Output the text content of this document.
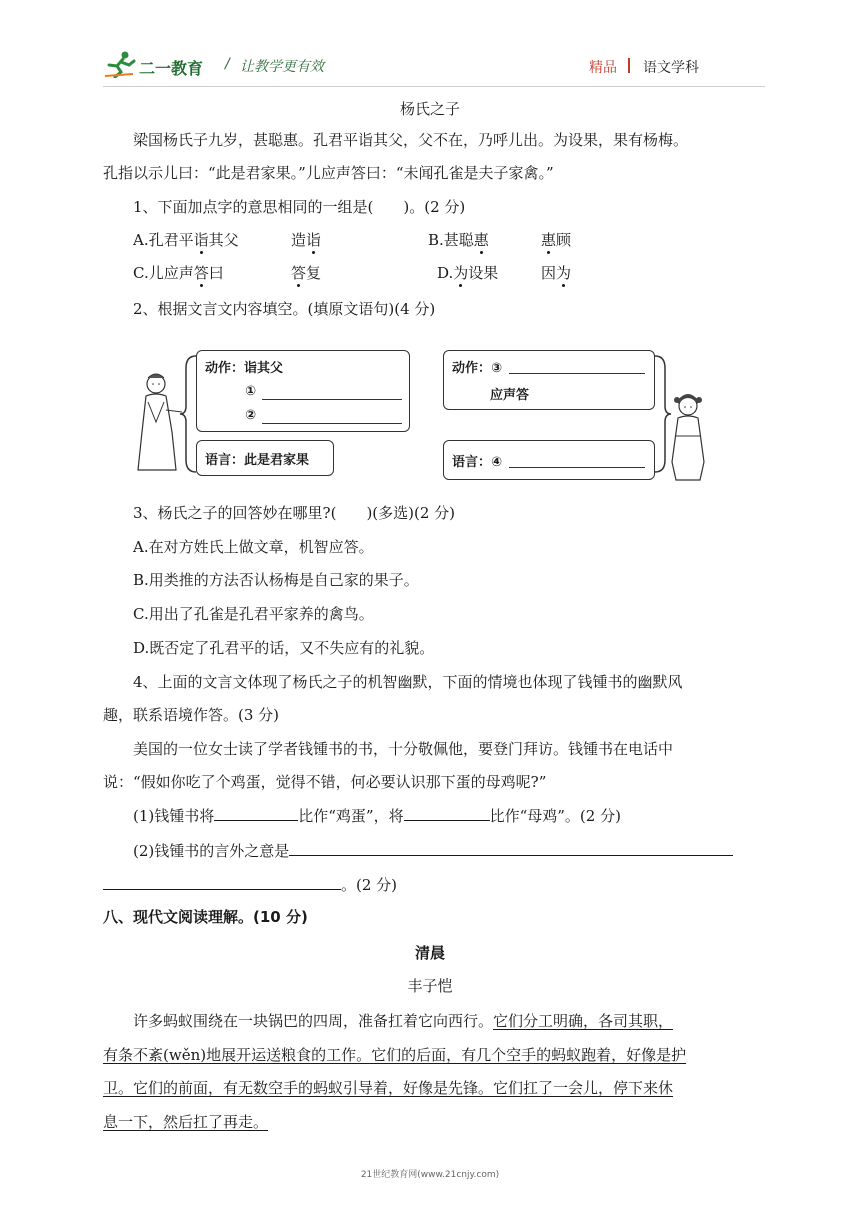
二一教育 / 让教学更有效	精品 语文学科
杨氏之子
梁国杨氏子九岁，甚聪惠。孔君平诣其父，父不在，乃呼儿出。为设果，果有杨梅。
孔指以示儿曰：“此是君家果。”儿应声答曰：“未闻孔雀是夫子家禽。”
1、下面加点字的意思相同的一组是(　　)。(2 分)
A.孔君平诣其父	造诣	B.甚聪惠	惠顾
C.儿应声答曰	答复	D.为设果	因为
2、根据文言文内容填空。(填原文语句)(4 分)
动作：诣其父
①
②
语言：此是君家果
动作：③
应声答
语言：④
3、杨氏之子的回答妙在哪里?(　　)(多选)(2 分)
A.在对方姓氏上做文章，机智应答。
B.用类推的方法否认杨梅是自己家的果子。
C.用出了孔雀是孔君平家养的禽鸟。
D.既否定了孔君平的话，又不失应有的礼貌。
4、上面的文言文体现了杨氏之子的机智幽默，下面的情境也体现了钱锺书的幽默风
趣，联系语境作答。(3 分)
美国的一位女士读了学者钱锺书的书，十分敬佩他，要登门拜访。钱锺书在电话中
说：“假如你吃了个鸡蛋，觉得不错，何必要认识那下蛋的母鸡呢?”
(1)钱锺书将	比作“鸡蛋”，将	比作“母鸡”。(2 分)
(2)钱锺书的言外之意是
。(2 分)
八、现代文阅读理解。(10 分)
清晨
丰子恺
许多蚂蚁围绕在一块锅巴的四周，准备扛着它向西行。它们分工明确，各司其职，
有条不紊(wěn)地展开运送粮食的工作。它们的后面，有几个空手的蚂蚁跑着，好像是护
卫。它们的前面，有无数空手的蚂蚁引导着，好像是先锋。它们扛了一会儿，停下来休
息一下，然后扛了再走。
21世纪教育网(www.21cnjy.com)
